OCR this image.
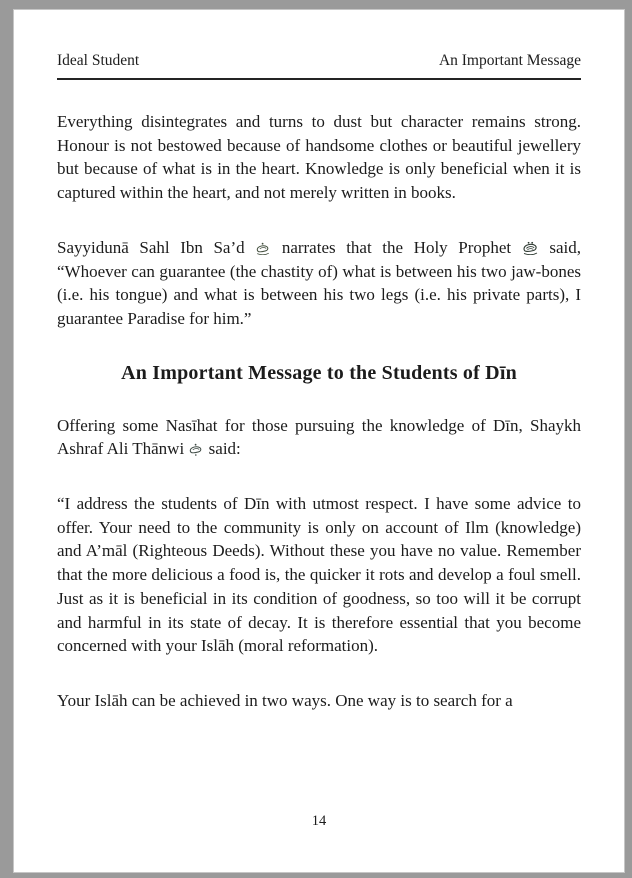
Ideal Student	An Important Message

Everything disintegrates and turns to dust but character remains strong. Honour is not bestowed because of handsome clothes or beautiful jewellery but because of what is in the heart. Knowledge is only beneficial when it is captured within the heart, and not merely written in books.

Sayyidunā Sahl Ibn Sa’d  narrates that the Holy Prophet  said, “Whoever can guarantee (the chastity of) what is between his two jaw-bones (i.e. his tongue) and what is between his two legs (i.e. his private parts), I guarantee Paradise for him.”

An Important Message to the Students of Dīn

Offering some Nasīhat for those pursuing the knowledge of Dīn, Shaykh Ashraf Ali Thānwi  said:

“I address the students of Dīn with utmost respect. I have some advice to offer. Your need to the community is only on account of Ilm (knowledge) and A’māl (Righteous Deeds). Without these you have no value. Remember that the more delicious a food is, the quicker it rots and develop a foul smell. Just as it is beneficial in its condition of goodness, so too will it be corrupt and harmful in its state of decay. It is therefore essential that you become concerned with your Islāh (moral reformation).

Your Islāh can be achieved in two ways. One way is to search for a

14
